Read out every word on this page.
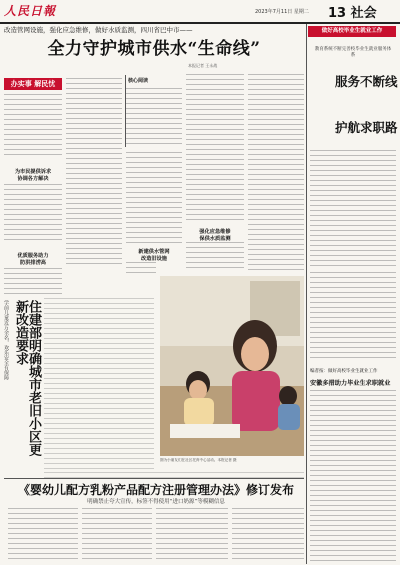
人民日報	2023年7月11日 星期二 13 社会
改造管网设施，强化应急维修，做好水质监测，四川省巴中市——
全力守护城市供水“生命线”
本报记者 王永战
办实事 解民忧
为市民提供诉求
协调各方解决
优质服务助力
防洪排涝高
学前儿童近万余名，欢乐安全有保障	住建部明确城市老旧小区更新改造要求
核心阅读
新建供水管网
改造旧设施
强化应急维修
保供水质监测
图为小朋友们在社区托育中心活动。本报记者 摄
《婴幼儿配方乳粉产品配方注册管理办法》修订发布
明确禁止夸大宣传，标签不得使用“进口奶源”等模糊信息
做好高校毕业生就业工作
教育系统不断完善校毕业生就业服务体系
服务不断线
护航求职路
编者按：做好高校毕业生就业工作
安徽多措助力毕业生求职就业
